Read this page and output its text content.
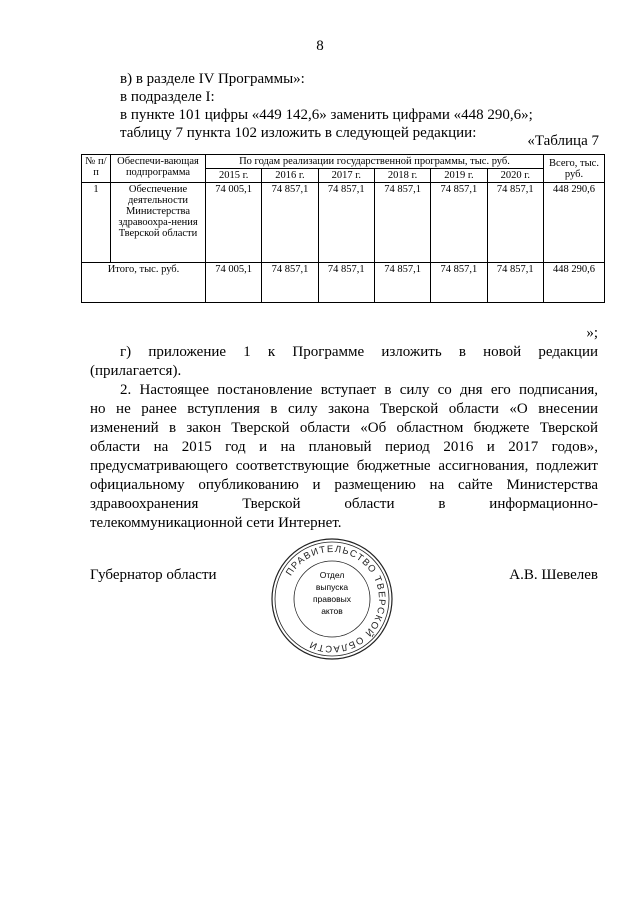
8
в) в разделе IV Программы»:
в подразделе I:
в пункте 101 цифры «449 142,6» заменить цифрами «448 290,6»;
таблицу 7 пункта 102 изложить в следующей редакции:	«Таблица 7
№ п/п	Обеспечи-вающая подпрограмма	По годам реализации государственной программы, тыс. руб.						Всего, тыс. руб.
		2015 г.	2016 г.	2017 г.	2018 г.	2019 г.	2020 г.	
1	Обеспечение деятельности Министерства здравоохра-нения Тверской области	74 005,1	74 857,1	74 857,1	74 857,1	74 857,1	74 857,1	448 290,6
Итого, тыс. руб.		74 005,1	74 857,1	74 857,1	74 857,1	74 857,1	74 857,1	448 290,6
»;
г) приложение 1 к Программе изложить в новой редакции
(прилагается).
2. Настоящее постановление вступает в силу со дня его подписания,
но не ранее вступления в силу закона Тверской области «О внесении
изменений в закон Тверской области «Об областном бюджете Тверской
области на 2015 год и на плановый период 2016 и 2017 годов»,
предусматривающего соответствующие бюджетные ассигнования, подлежит
официальному опубликованию и размещению на сайте Министерства
здравоохранения Тверской области в информационно-
телекоммуникационной сети Интернет.
Губернатор области	А.В. Шевелев
ПРАВИТЕЛЬСТВО ТВЕРСКОЙ ОБЛАСТИ
Отдел
выпуска
правовых
актов
